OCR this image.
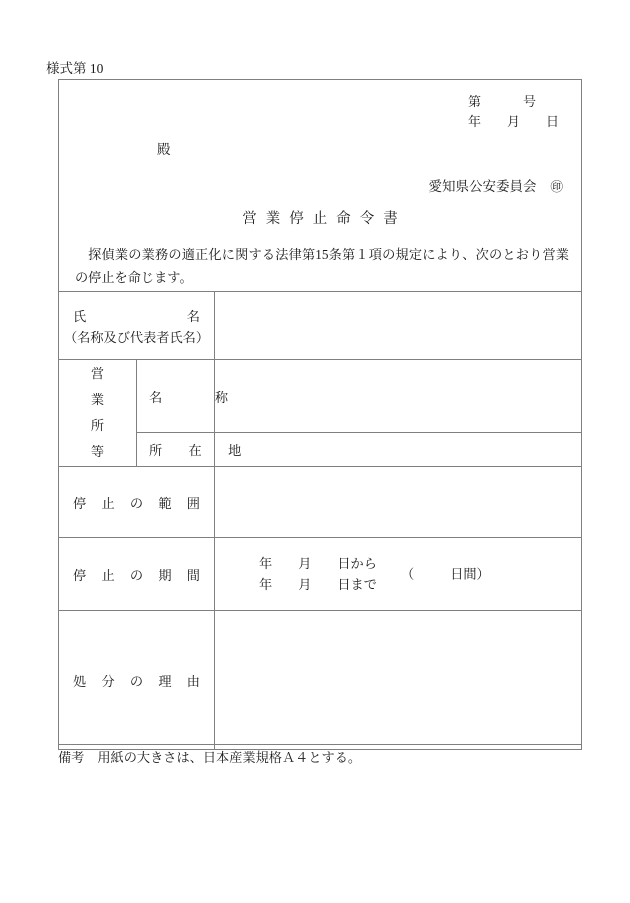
様式第 10
第	号
年 月 日
殿
愛知県公安委員会 ㊞
営業停止命令書
探偵業の業務の適正化に関する法律第15条第１項の規定により、次のとおり営業の停止を命じます。
氏　　　　　名
（名称及び代表者氏名）		

営
業
所
等	名　　　　称	

	所　　在　　地	

停　止　の　範　囲		

停　止　の　期　間		年 月 日から
年 月 日まで
（ 日間）

処　分　の　理　由		

備考 用紙の大きさは、日本産業規格Ａ４とする。
